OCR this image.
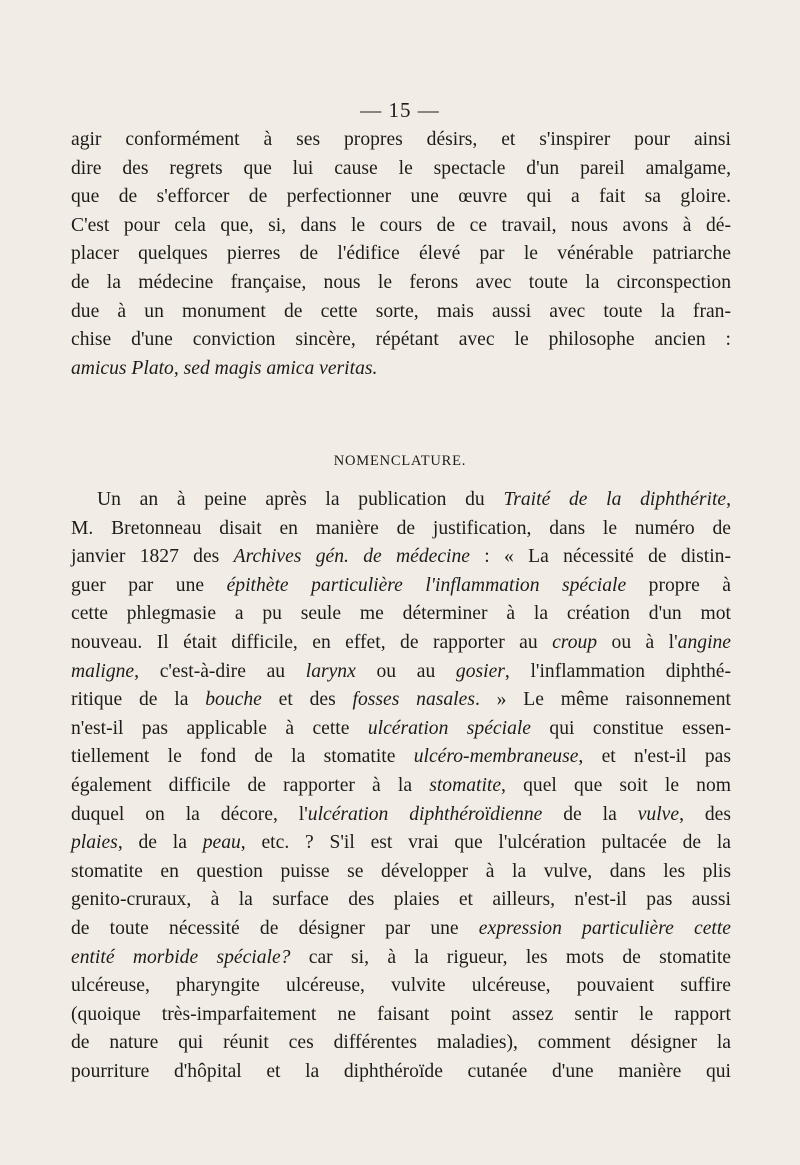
— 15 —
agir conformément à ses propres désirs, et s'inspirer pour ainsi
dire des regrets que lui cause le spectacle d'un pareil amalgame,
que de s'efforcer de perfectionner une œuvre qui a fait sa gloire.
C'est pour cela que, si, dans le cours de ce travail, nous avons à dé-
placer quelques pierres de l'édifice élevé par le vénérable patriarche
de la médecine française, nous le ferons avec toute la circonspection
due à un monument de cette sorte, mais aussi avec toute la fran-
chise d'une conviction sincère, répétant avec le philosophe ancien :
amicus Plato, sed magis amica veritas.
NOMENCLATURE.
Un an à peine après la publication du Traité de la diphthérite,
M. Bretonneau disait en manière de justification, dans le numéro de
janvier 1827 des Archives gén. de médecine : « La nécessité de distin-
guer par une épithète particulière l'inflammation spéciale propre à
cette phlegmasie a pu seule me déterminer à la création d'un mot
nouveau. Il était difficile, en effet, de rapporter au croup ou à l'angine
maligne, c'est-à-dire au larynx ou au gosier, l'inflammation diphthé-
ritique de la bouche et des fosses nasales. » Le même raisonnement
n'est-il pas applicable à cette ulcération spéciale qui constitue essen-
tiellement le fond de la stomatite ulcéro-membraneuse, et n'est-il pas
également difficile de rapporter à la stomatite, quel que soit le nom
duquel on la décore, l'ulcération diphthéroïdienne de la vulve, des
plaies, de la peau, etc. ? S'il est vrai que l'ulcération pultacée de la
stomatite en question puisse se développer à la vulve, dans les plis
genito-cruraux, à la surface des plaies et ailleurs, n'est-il pas aussi
de toute nécessité de désigner par une expression particulière cette
entité morbide spéciale? car si, à la rigueur, les mots de stomatite
ulcéreuse, pharyngite ulcéreuse, vulvite ulcéreuse, pouvaient suffire
(quoique très-imparfaitement ne faisant point assez sentir le rapport
de nature qui réunit ces différentes maladies), comment désigner la
pourriture d'hôpital et la diphthéroïde cutanée d'une manière qui
